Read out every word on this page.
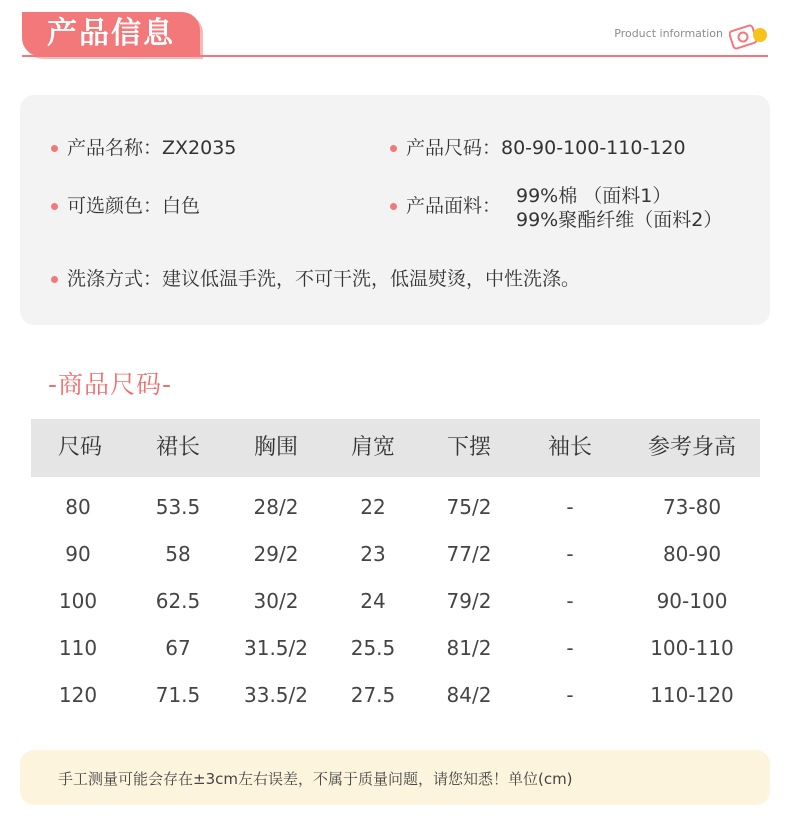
产品信息	Product information
产品名称：ZX2035	产品尺码：80-90-100-110-120
可选颜色：白色	产品面料： 99%棉 （面料1）
99%聚酯纤维（面料2）
洗涤方式：建议低温手洗，不可干洗，低温熨烫，中性洗涤。
-商品尺码-
尺码	裙长	胸围	肩宽	下摆	袖长	参考身高
80	53.5	28/2	22	75/2	-	73-80
90	58	29/2	23	77/2	-	80-90
100	62.5	30/2	24	79/2	-	90-100
110	67	31.5/2	25.5	81/2	-	100-110
120	71.5	33.5/2	27.5	84/2	-	110-120
手工测量可能会存在±3cm左右误差，不属于质量问题，请您知悉！单位(cm)
